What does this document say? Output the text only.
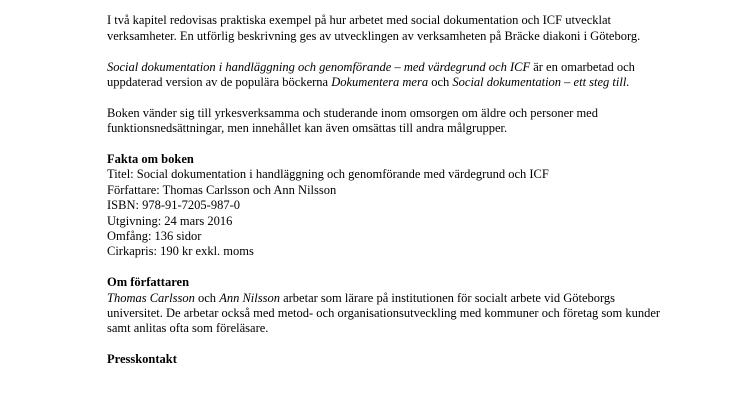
I två kapitel redovisas praktiska exempel på hur arbetet med social dokumentation och ICF utvecklat verksamheter. En utförlig beskrivning ges av utvecklingen av verksamheten på Bräcke diakoni i Göteborg.

Social dokumentation i handläggning och genomförande – med värdegrund och ICF är en omarbetad och uppdaterad version av de populära böckerna Dokumentera mera och Social dokumentation – ett steg till.

Boken vänder sig till yrkesverksamma och studerande inom omsorgen om äldre och personer med funktionsnedsättningar, men innehållet kan även omsättas till andra målgrupper.

Fakta om boken

Titel: Social dokumentation i handläggning och genomförande med värdegrund och ICF

Författare: Thomas Carlsson och Ann Nilsson

ISBN: 978-91-7205-987-0

Utgivning: 24 mars 2016

Omfång: 136 sidor

Cirkapris: 190 kr exkl. moms

Om författaren

Thomas Carlsson och Ann Nilsson arbetar som lärare på institutionen för socialt arbete vid Göteborgs universitet. De arbetar också med metod- och organisationsutveckling med kommuner och företag som kunder samt anlitas ofta som föreläsare.

Presskontakt
